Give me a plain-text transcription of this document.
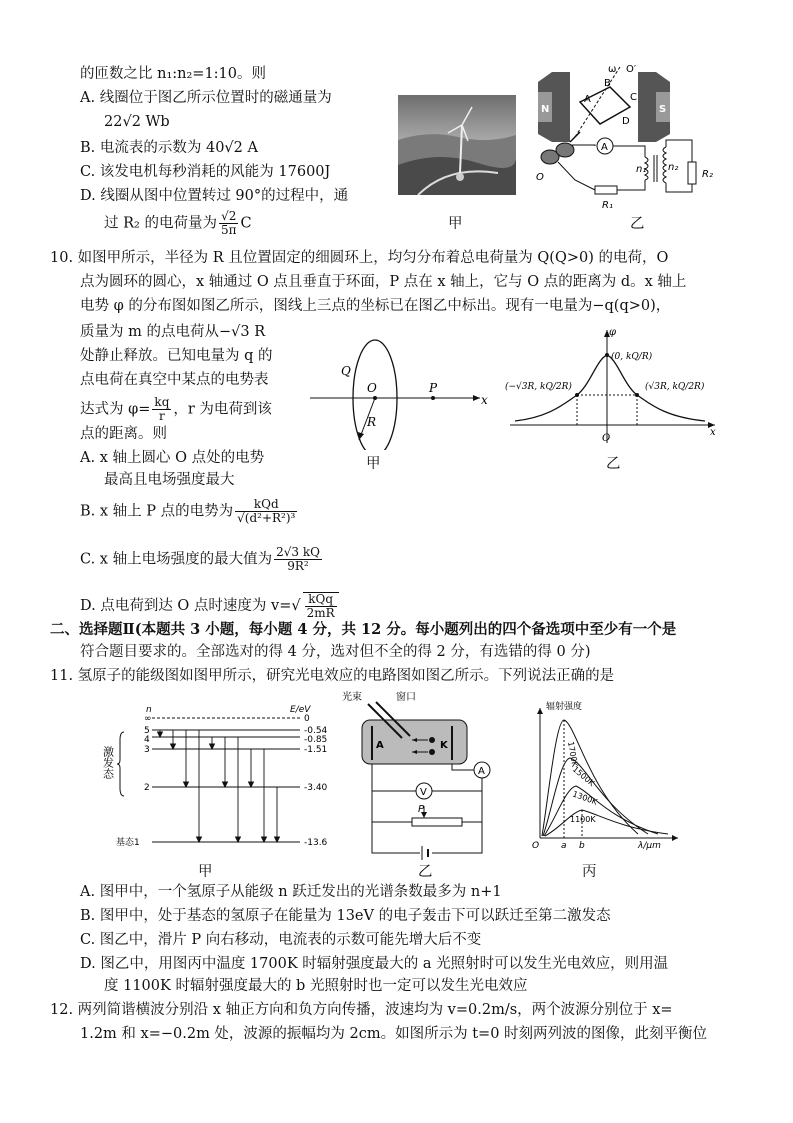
的匝数之比 n₁:n₂=1:10。则
A. 线圈位于图乙所示位置时的磁通量为
22√2 Wb
B. 电流表的示数为 40√2 A
C. 该发电机每秒消耗的风能为 17600J
D. 线圈从图中位置转过 90°的过程中，通
过 R₂ 的电荷量为 $\frac{√2}{5\pi}$ C	甲
N	S
A
B
C
D
ω O′
O
A
R₁
n₁ n₂
R₂
乙
10. 如图甲所示，半径为 R 且位置固定的细圆环上，均匀分布着总电荷量为 Q(Q>0) 的电荷，O
点为圆环的圆心，x 轴通过 O 点且垂直于环面，P 点在 x 轴上，它与 O 点的距离为 d。x 轴上
电势 φ 的分布图如图乙所示，图线上三点的坐标已在图乙中标出。现有一电量为−q(q>0)，
质量为 m 的点电荷从−√3 R
处静止释放。已知电量为 q 的
点电荷在真空中某点的电势表
达式为 $\varphi= \frac{kq}{r}$ ，r 为电荷到该
点的距离。则
A. x 轴上圆心 O 点处的电势
最高且电场强度最大
B. x 轴上 P 点的电势为 $\frac{\text{kQd}}{\text{√(d²+R²)³}}$
C. x 轴上电场强度的最大值为 $\frac{2√3 kQ}{\text{9R²}}$
D. 点电荷到达 O 点时速度为 $v=√ \frac{\text{kQq}}{2mR}$
Q
O	P
R
x
甲
φ
(0, kQ/R)
(−√3R, kQ/2R)	(√3R, kQ/2R)
O
x
乙
二、选择题Ⅱ(本题共 3 小题，每小题 4 分，共 12 分。每小题列出的四个备选项中至少有一个是
符合题目要求的。全部选对的得 4 分，选对但不全的得 2 分，有选错的得 0 分)
11. 氢原子的能级图如图甲所示，研究光电效应的电路图如图乙所示。下列说法正确的是
n	E/eV
∞
5
4
3
2
基态1
0
-0.54
-0.85
-1.51
-3.40
-13.6
激发态
甲
光束	窗口
A	K
A
V
P
乙
辐射强度
1700K
1500K
1300K
1100K
O a b	λ/μm
丙
A. 图甲中，一个氢原子从能级 n 跃迁发出的光谱条数最多为 n+1
B. 图甲中，处于基态的氢原子在能量为 13eV 的电子轰击下可以跃迁至第二激发态
C. 图乙中，滑片 P 向右移动，电流表的示数可能先增大后不变
D. 图乙中，用图丙中温度 1700K 时辐射强度最大的 a 光照射时可以发生光电效应，则用温
度 1100K 时辐射强度最大的 b 光照射时也一定可以发生光电效应
12. 两列简谐横波分别沿 x 轴正方向和负方向传播，波速均为 v=0.2m/s，两个波源分别位于 x=
1.2m 和 x=−0.2m 处，波源的振幅均为 2cm。如图所示为 t=0 时刻两列波的图像，此刻平衡位
